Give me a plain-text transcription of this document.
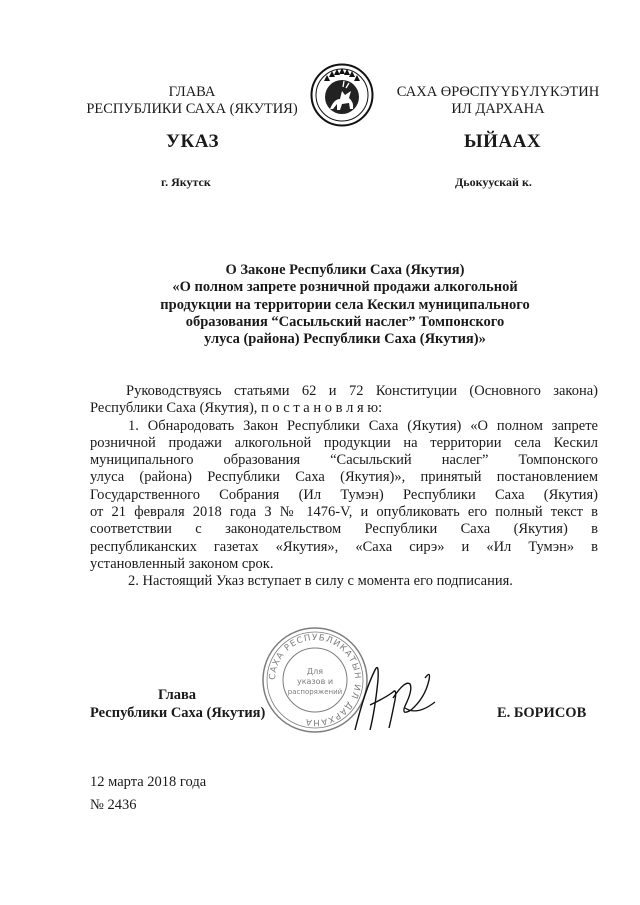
ГЛАВА
РЕСПУБЛИКИ САХА (ЯКУТИЯ)
САХА ӨРӨСПҮҮБҮЛҮКЭТИН
ИЛ ДАРХАНА
УКАЗ	ЫЙААХ
г. Якутск	Дьокуускай к.
О Законе Республики Саха (Якутия)
«О полном запрете розничной продажи алкогольной
продукции на территории села Кескил муниципального
образования “Сасыльский наслег” Томпонского
улуса (района) Республики Саха (Якутия)»
Руководствуясь статьями 62 и 72 Конституции (Основного закона)
Республики Саха (Якутия), п о с т а н о в л я ю:
1. Обнародовать Закон Республики Саха (Якутия) «О полном запрете
розничной продажи алкогольной продукции на территории села Кескил
муниципального образования “Сасыльский наслег” Томпонского
улуса (района) Республики Саха (Якутия)», принятый постановлением
Государственного Собрания (Ил Тумэн) Республики Саха (Якутия)
от 21 февраля 2018 года З № 1476-V, и опубликовать его полный текст в
соответствии с законодательством Республики Саха (Якутия) в
республиканских газетах «Якутия», «Саха сирэ» и «Ил Тумэн» в
установленный законом срок.
2. Настоящий Указ вступает в силу с момента его подписания.
САХА РЕСПУБЛИКАТЫН ИЛ ДАРХАНА
Для
указов и
распоряжений
Глава
Республики Саха (Якутия)	Е. БОРИСОВ
12 марта 2018 года
№ 2436
